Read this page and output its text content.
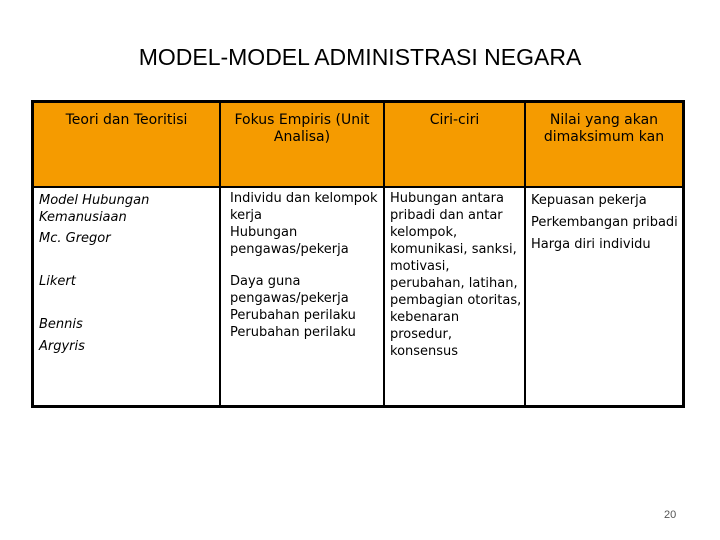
MODEL-MODEL ADMINISTRASI NEGARA
Teori dan Teoritisi	Fokus Empiris (Unit Analisa)
Ciri-ciri	Nilai yang akan dimaksimum kan
Model Hubungan Kemanusiaan
Mc. Gregor
Likert
Bennis
Argyris
Individu dan kelompok kerja
Hubungan pengawas/pekerja
Daya guna pengawas/pekerja
Perubahan perilaku
Perubahan perilaku
Hubungan antara pribadi dan antar kelompok, komunikasi, sanksi, motivasi, perubahan, latihan, pembagian otoritas, kebenaran prosedur, konsensus
Kepuasan pekerja
Perkembangan pribadi
Harga diri individu
20
